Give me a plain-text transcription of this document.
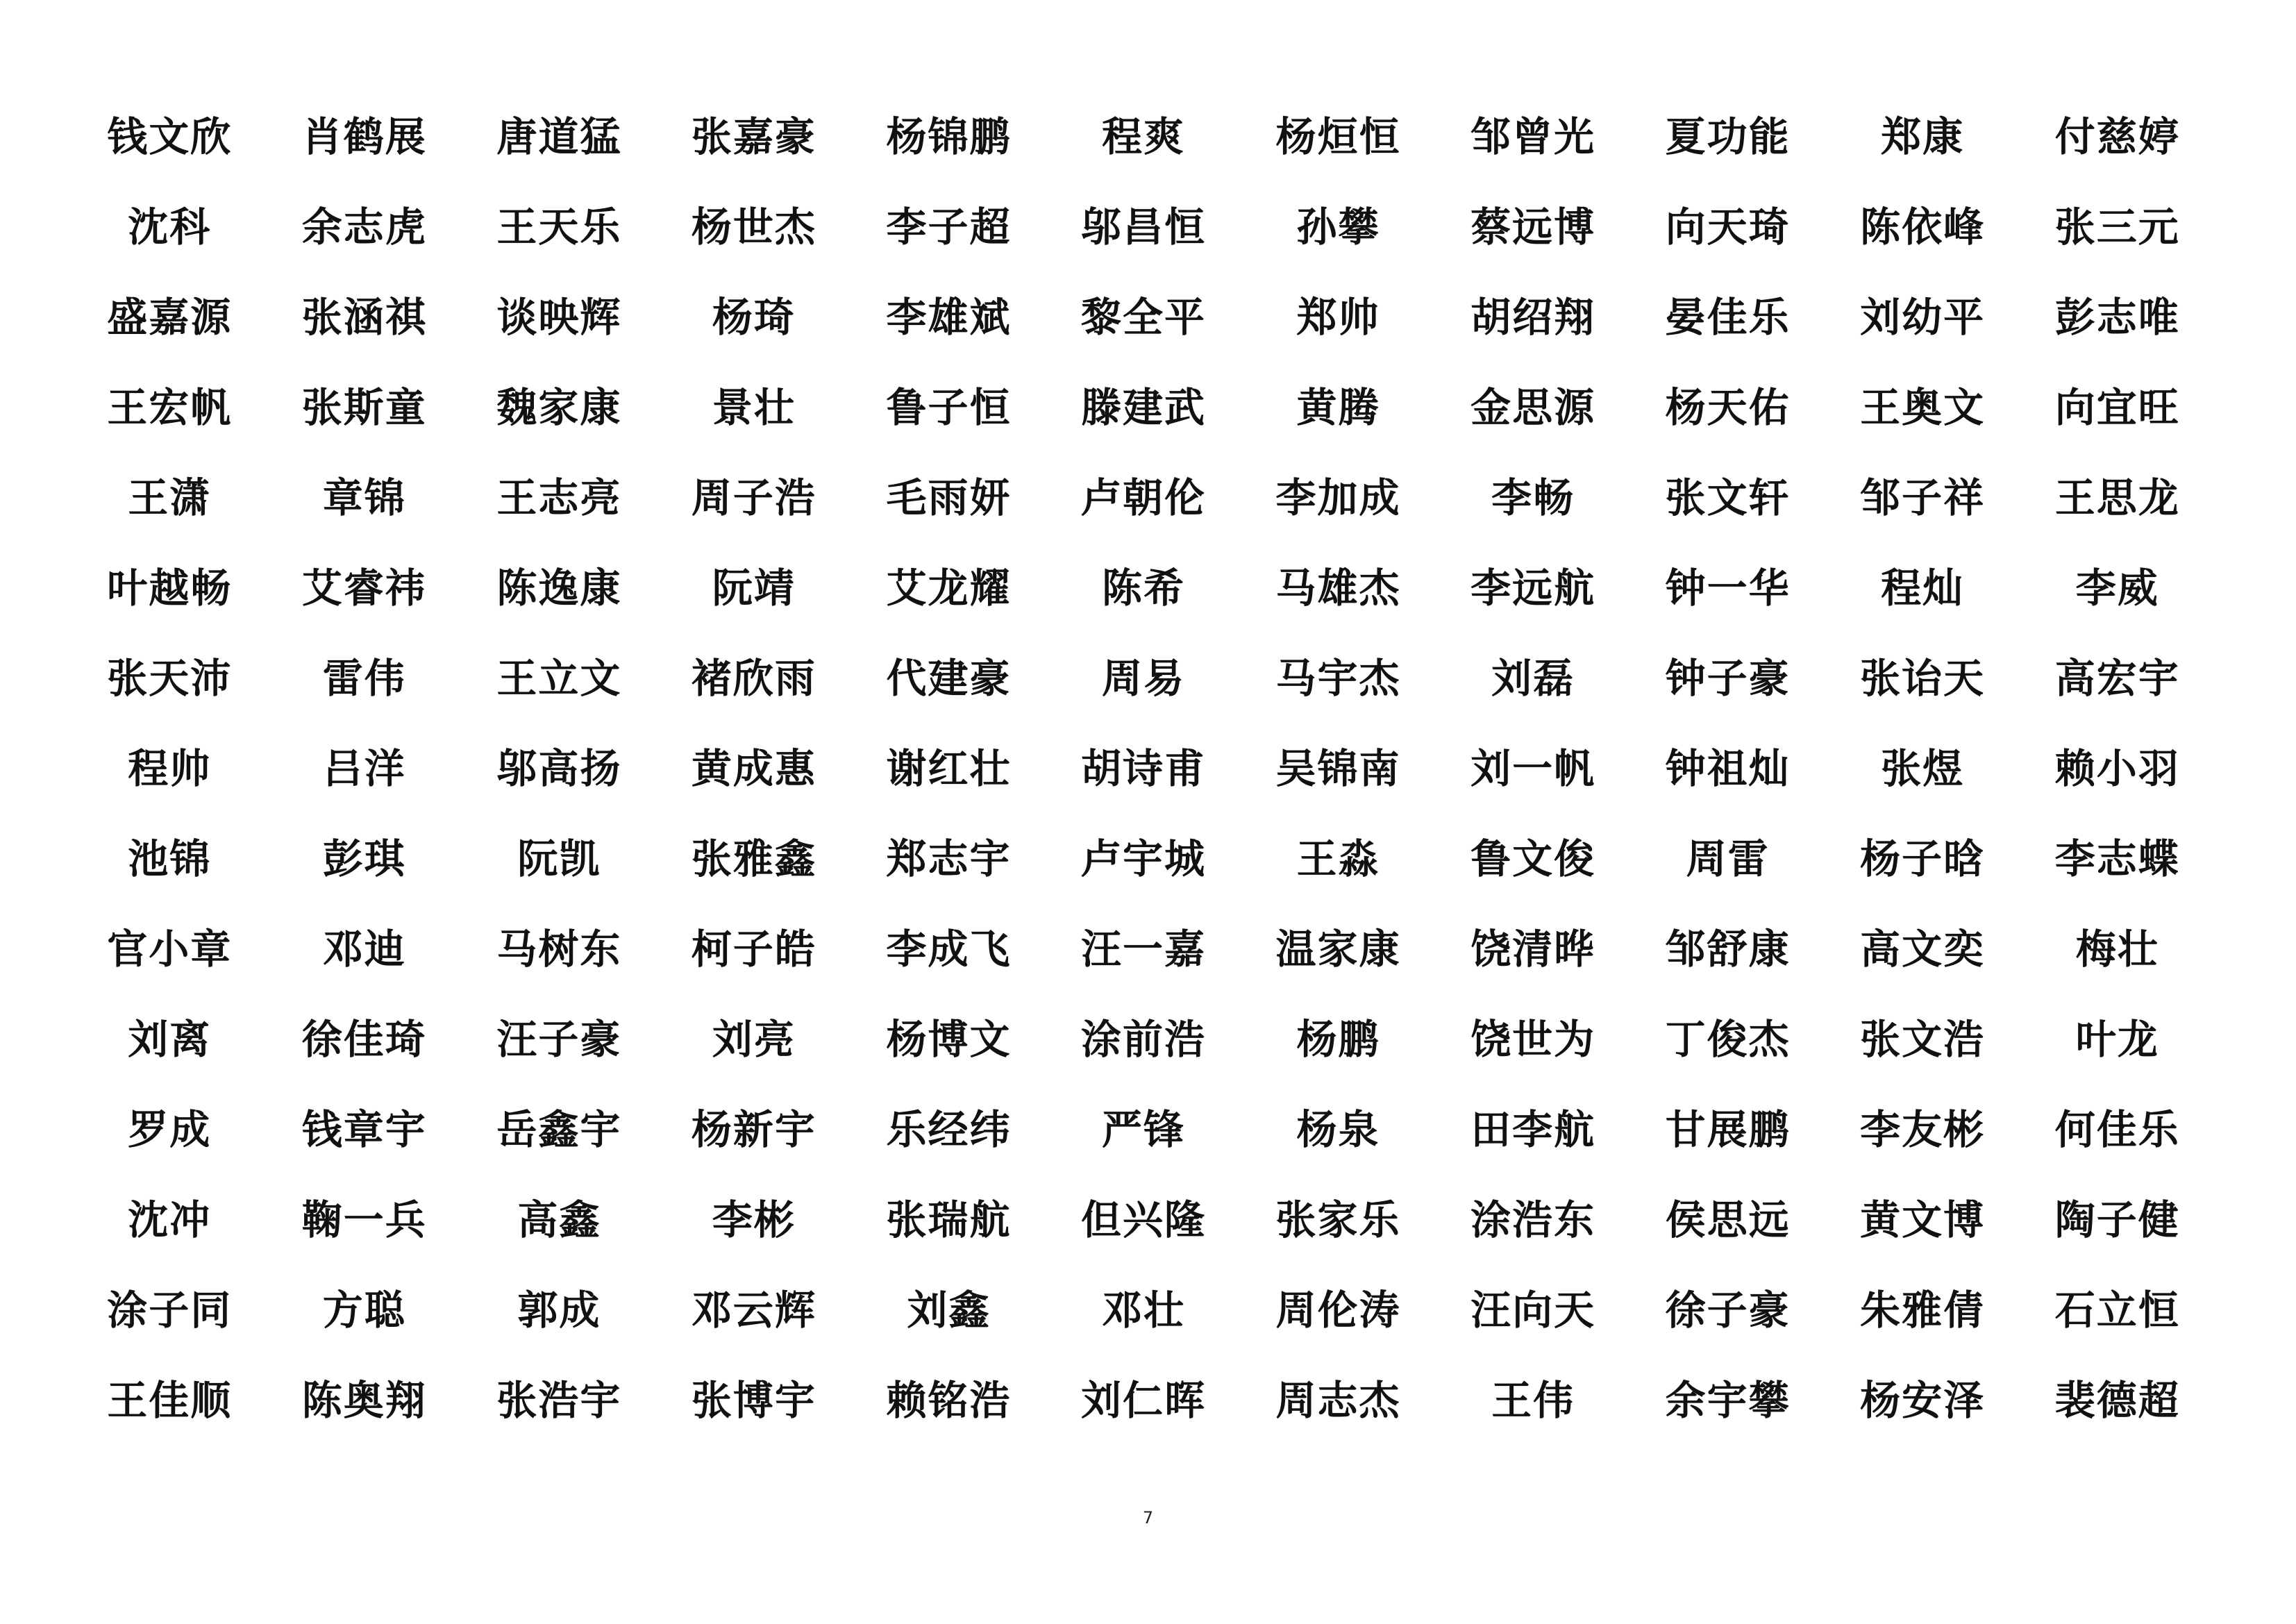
钱文欣 肖鹤展 唐道猛 张嘉豪 杨锦鹏 程爽 杨烜恒 邹曾光 夏功能 郑康 付慈婷
沈科 余志虎 王天乐 杨世杰 李子超 邬昌恒 孙攀 蔡远博 向天琦 陈依峰 张三元
盛嘉源 张涵祺 谈映辉 杨琦 李雄斌 黎全平 郑帅 胡绍翔 晏佳乐 刘幼平 彭志唯
王宏帆 张斯童 魏家康 景壮 鲁子恒 滕建武 黄腾 金思源 杨天佑 王奥文 向宜旺
王潇	章锦 王志亮 周子浩 毛雨妍 卢朝伦 李加成 李畅 张文轩 邹子祥 王思龙
叶越畅 艾睿祎 陈逸康 阮靖 艾龙耀 陈希 马雄杰 李远航 钟一华 程灿	李威
张天沛 雷伟 王立文 褚欣雨 代建豪 周易 马宇杰 刘磊 钟子豪 张诒天 高宏宇
程帅	吕洋 邬高扬 黄成惠 谢红壮 胡诗甫 吴锦南 刘一帆 钟祖灿 张煜 赖小羽
池锦	彭琪	阮凯 张雅鑫 郑志宇 卢宇城 王淼 鲁文俊 周雷 杨子晗 李志蝶
官小章 邓迪 马树东 柯子皓 李成飞 汪一嘉 温家康 饶清晔 邹舒康 高文奕 梅壮
刘离 徐佳琦 汪子豪 刘亮 杨博文 涂前浩 杨鹏 饶世为 丁俊杰 张文浩 叶龙
罗成 钱章宇 岳鑫宇 杨新宇 乐经纬 严锋	杨泉 田李航 甘展鹏 李友彬 何佳乐
沈冲 鞠一兵 高鑫	李彬 张瑞航 但兴隆 张家乐 涂浩东 侯思远 黄文博 陶子健
涂子同 方聪	郭成 邓云辉 刘鑫	邓壮 周伦涛 汪向天 徐子豪 朱雅倩 石立恒
王佳顺 陈奥翔 张浩宇 张博宇 赖铭浩 刘仁晖 周志杰 王伟 余宇攀 杨安泽 裴德超
7
